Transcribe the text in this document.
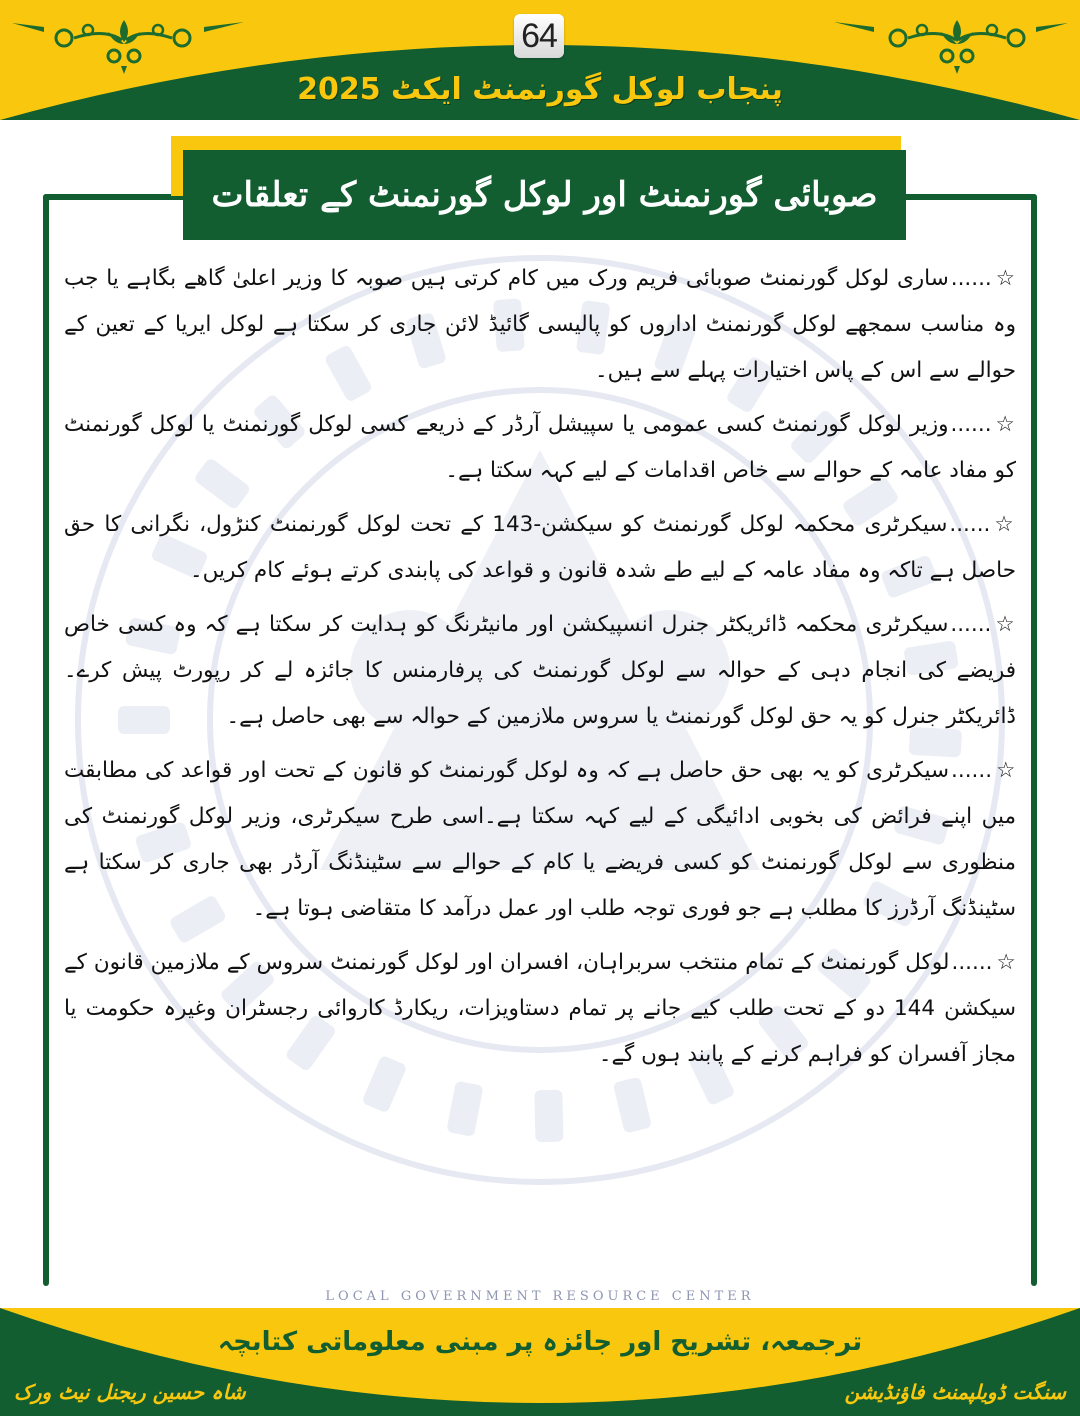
64
پنجاب لوکل گورنمنٹ ایکٹ 2025
LOCAL GOVERNMENT RESOURCE CENTER
صوبائی گورنمنٹ اور لوکل گورنمنٹ کے تعلقات

☆......ساری لوکل گورنمنٹ صوبائی فریم ورک میں کام کرتی ہیں صوبہ کا وزیر اعلیٰ گاھے بگاہے یا جب وہ مناسب سمجھے لوکل گورنمنٹ اداروں کو پالیسی گائیڈ لائن جاری کر سکتا ہے لوکل ایریا کے تعین کے حوالے سے اس کے پاس اختیارات پہلے سے ہیں۔

☆......وزیر لوکل گورنمنٹ کسی عمومی یا سپیشل آرڈر کے ذریعے کسی لوکل گورنمنٹ یا لوکل گورنمنٹ کو مفاد عامہ کے حوالے سے خاص اقدامات کے لیے کہہ سکتا ہے۔

☆......سیکرٹری محکمہ لوکل گورنمنٹ کو سیکشن-143 کے تحت لوکل گورنمنٹ کنڑول، نگرانی کا حق حاصل ہے تاکہ وہ مفاد عامہ کے لیے طے شدہ قانون و قواعد کی پابندی کرتے ہوئے کام کریں۔

☆......سیکرٹری محکمہ ڈائریکٹر جنرل انسپیکشن اور مانیٹرنگ کو ہدایت کر سکتا ہے کہ وہ کسی خاص فریضے کی انجام دہی کے حوالہ سے لوکل گورنمنٹ کی پرفارمنس کا جائزہ لے کر رپورٹ پیش کرے۔ڈائریکٹر جنرل کو یہ حق لوکل گورنمنٹ یا سروس ملازمین کے حوالہ سے بھی حاصل ہے۔

☆......سیکرٹری کو یہ بھی حق حاصل ہے کہ وہ لوکل گورنمنٹ کو قانون کے تحت اور قواعد کی مطابقت میں اپنے فرائض کی بخوبی ادائیگی کے لیے کہہ سکتا ہے۔اسی طرح سیکرٹری، وزیر لوکل گورنمنٹ کی منظوری سے لوکل گورنمنٹ کو کسی فریضے یا کام کے حوالے سے سٹینڈنگ آرڈر بھی جاری کر سکتا ہے سٹینڈنگ آرڈرز کا مطلب ہے جو فوری توجہ طلب اور عمل درآمد کا متقاضی ہوتا ہے۔

☆......لوکل گورنمنٹ کے تمام منتخب سربراہان، افسران اور لوکل گورنمنٹ سروس کے ملازمین قانون کے سیکشن 144 دو کے تحت طلب کیے جانے پر تمام دستاویزات، ریکارڈ کاروائی رجسٹران وغیرہ حکومت یا مجاز آفسران کو فراہم کرنے کے پابند ہوں گے۔

ترجمعہ، تشریح اور جائزہ پر مبنی معلوماتی کتابچہ
شاہ حسین ریجنل نیٹ ورک	سنگت ڈویلپمنٹ فاؤنڈیشن
